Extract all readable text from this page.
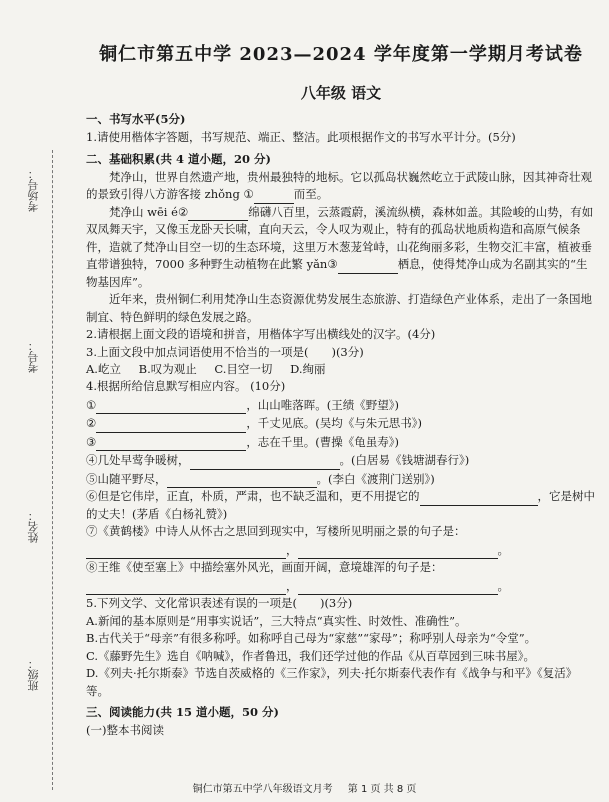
考场号：
考号：
姓名：
班级：
铜仁市第五中学 2023—2024 学年度第一学期月考试卷
八年级 语文
一、书写水平(5分)

1.请使用楷体字答题，书写规范、端正、整洁。此项根据作文的书写水平计分。(5分)

二、基础积累(共 4 道小题，20 分)

梵净山，世界自然遗产地，贵州最独特的地标。它以孤岛状巍然屹立于武陵山脉，因其神奇壮观的景致引得八方游客接 zhǒng ①	而至。

梵净山 wēi é②	绵礴八百里，云蒸霞蔚，溪流纵横，森林如盖。其险峻的山势，有如双凤舞天宇，又像玉龙卧天长啸，直向天云，令人叹为观止，特有的孤岛状地质构造和高原气候条件，造就了梵净山目空一切的生态环境，这里万木葱茏耸峙，山花绚丽多彩，生物交汇丰富，植被垂直带谱独特，7000 多种野生动植物在此繁 yǎn③	栖息，使得梵净山成为名副其实的“生物基因库”。

近年来，贵州铜仁利用梵净山生态资源优势发展生态旅游、打造绿色产业体系，走出了一条国地制宜、特色鲜明的绿色发展之路。

2.请根据上面文段的语境和拼音，用楷体字写出横线处的汉字。(4分)

3.上面文段中加点词语使用不恰当的一项是(　　)(3分)

A.屹立 B.叹为观止 C.目空一切 D.绚丽

4.根据所给信息默写相应内容。 (10分)

①	，山山唯落晖。(王绩《野望》)
②	，千丈见底。(吴均《与朱元思书》)
③	，志在千里。(曹操《龟虽寿》)
④几处早莺争暖树，	。(白居易《钱塘湖春行》)
⑤山随平野尽，	。(李白《渡荆门送别》)

⑥但是它伟岸，正直，朴质，严肃，也不缺乏温和，更不用提它的	，它是树中的丈夫！(茅盾《白杨礼赞》)

⑦《黄鹤楼》中诗人从怀古之思回到现实中，写楼所见明丽之景的句子是：

，	。

⑧王维《使至塞上》中描绘塞外风光，画面开阔，意境雄浑的句子是：

，	。

5.下列文学、文化常识表述有误的一项是(　　)(3分)

A.新闻的基本原则是“用事实说话”，三大特点“真实性、时效性、准确性”。

B.古代关于“母亲”有很多称呼。如称呼自己母为“家慈”“家母”；称呼别人母亲为“令堂”。

C.《藤野先生》选自《呐喊》，作者鲁迅，我们还学过他的作品《从百草园到三味书屋》。

D.《列夫·托尔斯泰》节选自茨威格的《三作家》，列夫·托尔斯泰代表作有《战争与和平》《复活》等。

三、阅读能力(共 15 道小题，50 分)

(一)整本书阅读

铜仁市第五中学八年级语文月考 第 1 页 共 8 页
